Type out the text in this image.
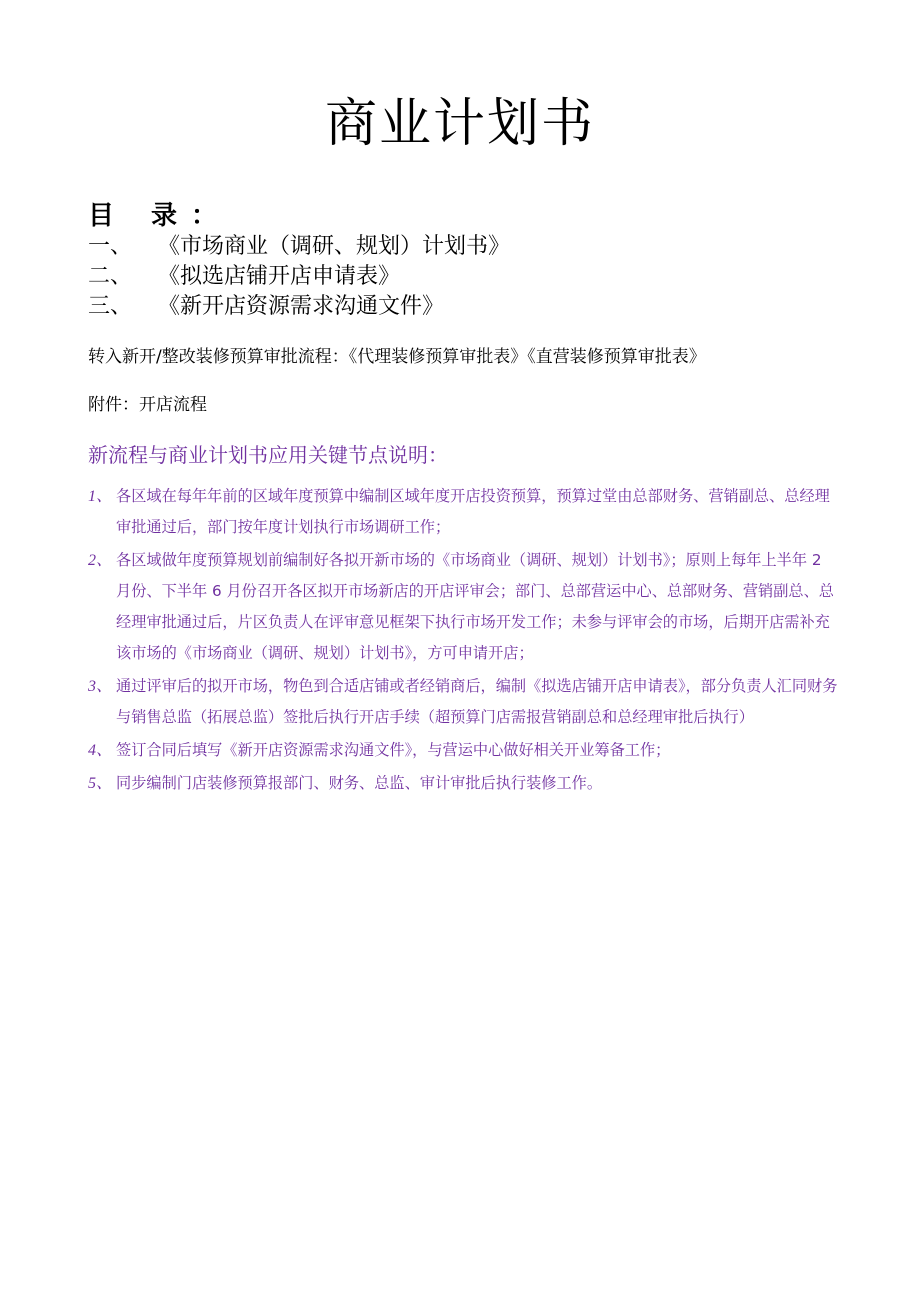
商业计划书
目 录：
一、 《市场商业（调研、规划）计划书》
二、 《拟选店铺开店申请表》
三、 《新开店资源需求沟通文件》
转入新开/整改装修预算审批流程：《代理装修预算审批表》《直营装修预算审批表》
附件：开店流程
新流程与商业计划书应用关键节点说明：
1、 各区域在每年年前的区域年度预算中编制区域年度开店投资预算，预算过堂由总部财务、营销副总、总经理审批通过后，部门按年度计划执行市场调研工作；
2、 各区域做年度预算规划前编制好各拟开新市场的《市场商业（调研、规划）计划书》；原则上每年上半年 2 月份、下半年 6 月份召开各区拟开市场新店的开店评审会；部门、总部营运中心、总部财务、营销副总、总经理审批通过后，片区负责人在评审意见框架下执行市场开发工作；未参与评审会的市场，后期开店需补充该市场的《市场商业（调研、规划）计划书》，方可申请开店；
3、 通过评审后的拟开市场，物色到合适店铺或者经销商后，编制《拟选店铺开店申请表》，部分负责人汇同财务与销售总监（拓展总监）签批后执行开店手续（超预算门店需报营销副总和总经理审批后执行）
4、 签订合同后填写《新开店资源需求沟通文件》，与营运中心做好相关开业筹备工作；
5、 同步编制门店装修预算报部门、财务、总监、审计审批后执行装修工作。
